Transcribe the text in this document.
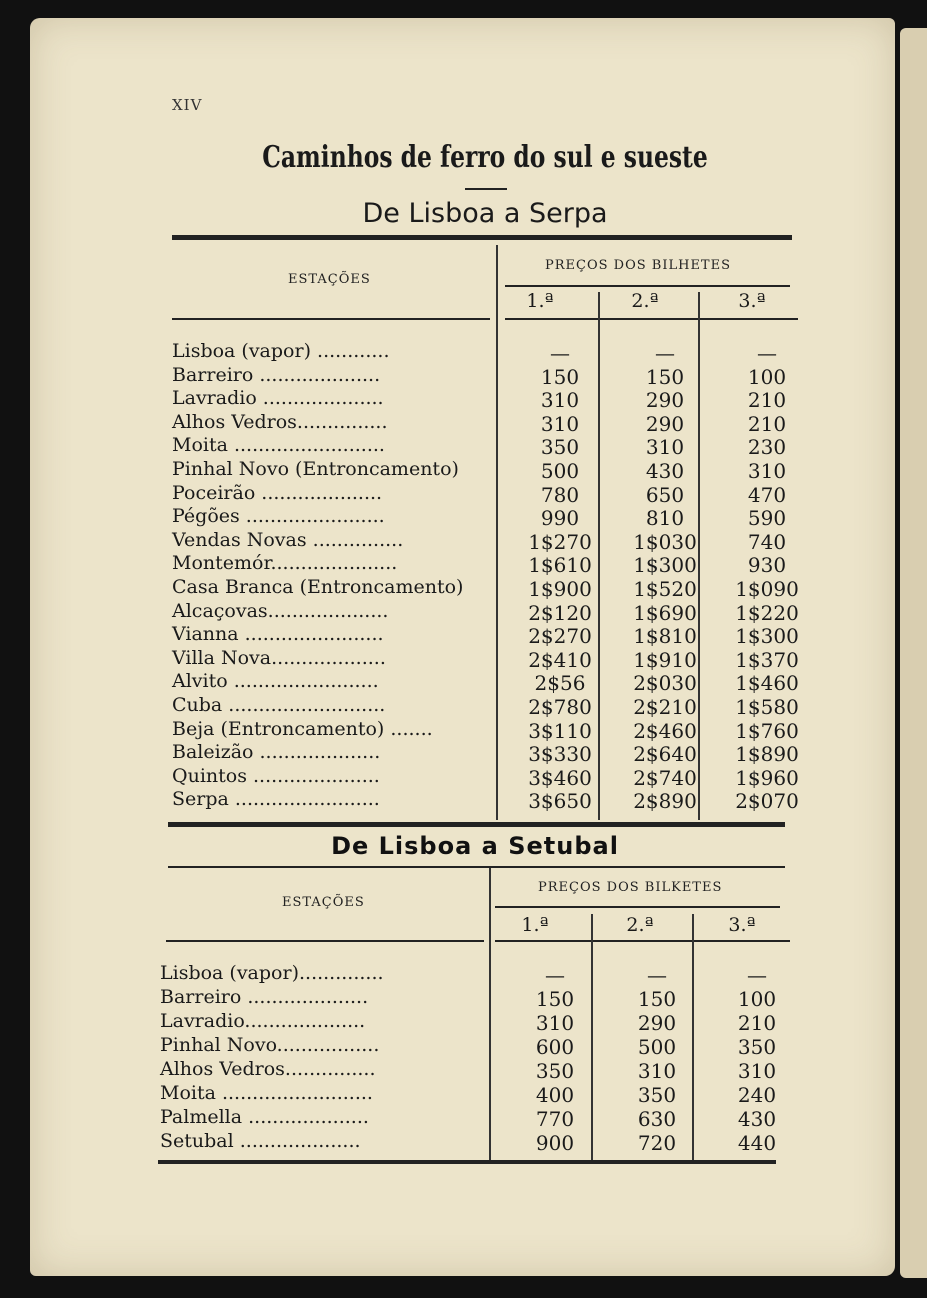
XIV
Caminhos de ferro do sul e sueste
De Lisboa a Serpa
ESTAÇÕES
PREÇOS DOS BILHETES
1.ª	2.ª	3.ª
Lisboa (vapor) ............	—	—	—
Barreiro ....................	150	150	100
Lavradio ....................	310	290	210
Alhos Vedros...............	310	290	210
Moita .........................	350	310	230
Pinhal Novo (Entroncamento)	500	430	310
Poceirão ....................	780	650	470
Pégões .......................	990	810	590
Vendas Novas ...............	1$270	1$030	740
Montemór.....................	1$610	1$300	930
Casa Branca (Entroncamento)	1$900	1$520	1$090
Alcaçovas....................	2$120	1$690	1$220
Vianna .......................	2$270	1$810	1$300
Villa Nova...................	2$410	1$910	1$370
Alvito ........................	2$56	2$030	1$460
Cuba ..........................	2$780	2$210	1$580
Beja (Entroncamento) .......	3$110	2$460	1$760
Baleizão ....................	3$330	2$640	1$890
Quintos .....................	3$460	2$740	1$960
Serpa ........................	3$650	2$890	2$070
De Lisboa a Setubal
ESTAÇÕES
PREÇOS DOS BILKETES
1.ª	2.ª	3.ª
Lisboa (vapor)..............	—	—	—
Barreiro ....................	150	150	100
Lavradio....................	310	290	210
Pinhal Novo.................	600	500	350
Alhos Vedros...............	350	310	310
Moita .........................	400	350	240
Palmella ....................	770	630	430
Setubal ....................	900	720	440
